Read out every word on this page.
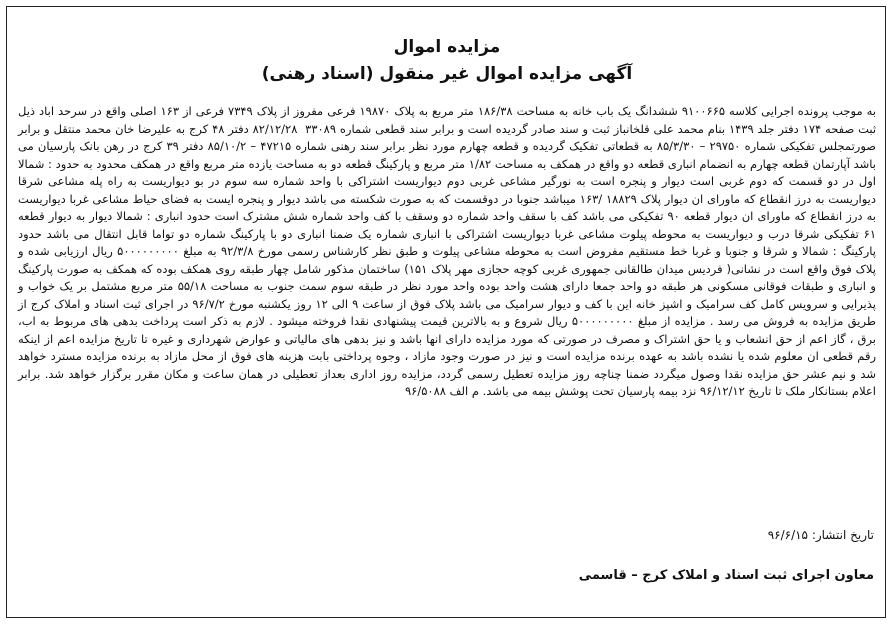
مزایده اموال
آگهی مزایده اموال غیر منقول (اسناد رهنی)

به موجب پرونده اجرایی کلاسه ۹۱۰۰۶۶۵ ششدانگ یک باب خانه به مساحت ۱۸۶/۳۸ متر مربع به پلاک ۱۹۸۷۰ فرعی مفروز از پلاک ۷۳۴۹ فرعی از ۱۶۳ اصلی واقع در سرحد اباد ذیل ثبت صفحه ۱۷۴ دفتر جلد ۱۴۳۹ بنام محمد علی قلخانباز ثبت و سند صادر گردیده است و برابر سند قطعی شماره ۳۳۰۸۹ ‌ ۸۲/۱۲/۲۸ دفتر ۴۸ کرج به علیرضا خان محمد منتقل و برابر صورتمجلس تفکیکی شماره ۲۹۷۵۰ – ۸۵/۳/۳۰ به قطعاتی تفکیک گردیده و قطعه چهارم مورد نظر برابر سند رهنی شماره ۴۷۲۱۵ – ۸۵/۱۰/۲ دفتر ۳۹ کرج در رهن بانک پارسیان می باشد آپارتمان قطعه چهارم به انضمام انباری قطعه دو واقع در همکف به مساحت ۱/۸۲ متر مربع و پارکینگ قطعه دو به مساحت یازده متر مربع واقع در همکف محدود به حدود : شمالا اول در دو قسمت که دوم غربی است دیوار و پنجره است به نورگیر مشاعی غربی دوم دیواریست اشتراکی با واحد شماره سه سوم در بو دیواریست به راه پله مشاعی شرقا دیواریست به درز انقطاع که ماورای ان دیوار پلاک ۱۸۸۲۹ /۱۶۳ میباشد جنوبا در دوقسمت که به صورت شکسته می باشد دیوار و پنجره ایست به فضای حیاط مشاعی غربا دیواریست به درز انقطاع که ماورای ان دیوار قطعه ۹۰ تفکیکی می باشد کف با سقف واحد شماره دو وسقف با کف واحد شماره شش مشترک است حدود انباری : شمالا دیوار به دیوار قطعه ۶۱ تفکیکی شرقا درب و دیواریست به محوطه پیلوت مشاعی غربا دیواریست اشتراکی با انباری شماره یک ضمنا انباری دو با پارکینگ شماره دو تواما قابل انتقال می باشد حدود پارکینگ : شمالا و شرقا و جنوبا و غربا خط مستقیم مفروض است به محوطه مشاعی پیلوت و طبق نظر کارشناس رسمی مورخ ۹۲/۳/۸ به مبلغ ۵۰۰۰۰۰۰۰۰۰ ریال ارزیابی شده و پلاک فوق واقع است در نشانی( فردیس میدان طالقانی جمهوری غربی کوچه حجازی مهر پلاک ۱۵۱) ساختمان مذکور شامل چهار طبقه روی همکف بوده که همکف به صورت پارکینگ و انباری و طبقات فوقانی مسکونی هر طبقه دو واحد جمعا دارای هشت واحد بوده واحد مورد نظر در طبقه سوم سمت جنوب به مساحت ۵۵/۱۸ متر مربع مشتمل بر یک خواب و پذیرایی و سرویس کامل کف سرامیک و اشپز خانه این با کف و دیوار سرامیک می باشد پلاک فوق از ساعت ۹ الی ۱۲ روز یکشنبه مورخ ۹۶/۷/۲ در اجرای ثبت اسناد و املاک کرج از طریق مزایده به فروش می رسد . مزایده از مبلغ ۵۰۰۰۰۰۰۰۰۰ ریال شروع و به بالاترین قیمت پیشنهادی نقدا فروخته میشود . لازم به ذکر است پرداخت بدهی های مربوط به اب، برق ، گاز اعم از حق انشعاب و یا حق اشتراک و مصرف در صورتی که مورد مزایده دارای انها باشد و نیز بدهی های مالیاتی و عوارض شهرداری و غیره تا تاریخ مزایده اعم از اینکه رقم قطعی ان معلوم شده یا نشده باشد به عهده برنده مزایده است و نیز در صورت وجود مازاد ، وجوه پرداختی بابت هزینه های فوق از محل مازاد به برنده مزایده مسترد خواهد شد و نیم عشر حق مزایده نقدا وصول میگردد ضمنا چناچه روز مزایده تعطیل رسمی گردد، مزایده روز اداری بعداز تعطیلی در همان ساعت و مکان مقرر برگزار خواهد شد. برابر اعلام بستانکار ملک تا تاریخ ۹۶/۱۲/۱۲ نزد بیمه پارسیان تحت پوشش بیمه می باشد. م الف ۹۶/۵۰۸۸

تاریخ انتشار: ۹۶/۶/۱۵

معاون اجرای ثبت اسناد و املاک کرج – قاسمی
